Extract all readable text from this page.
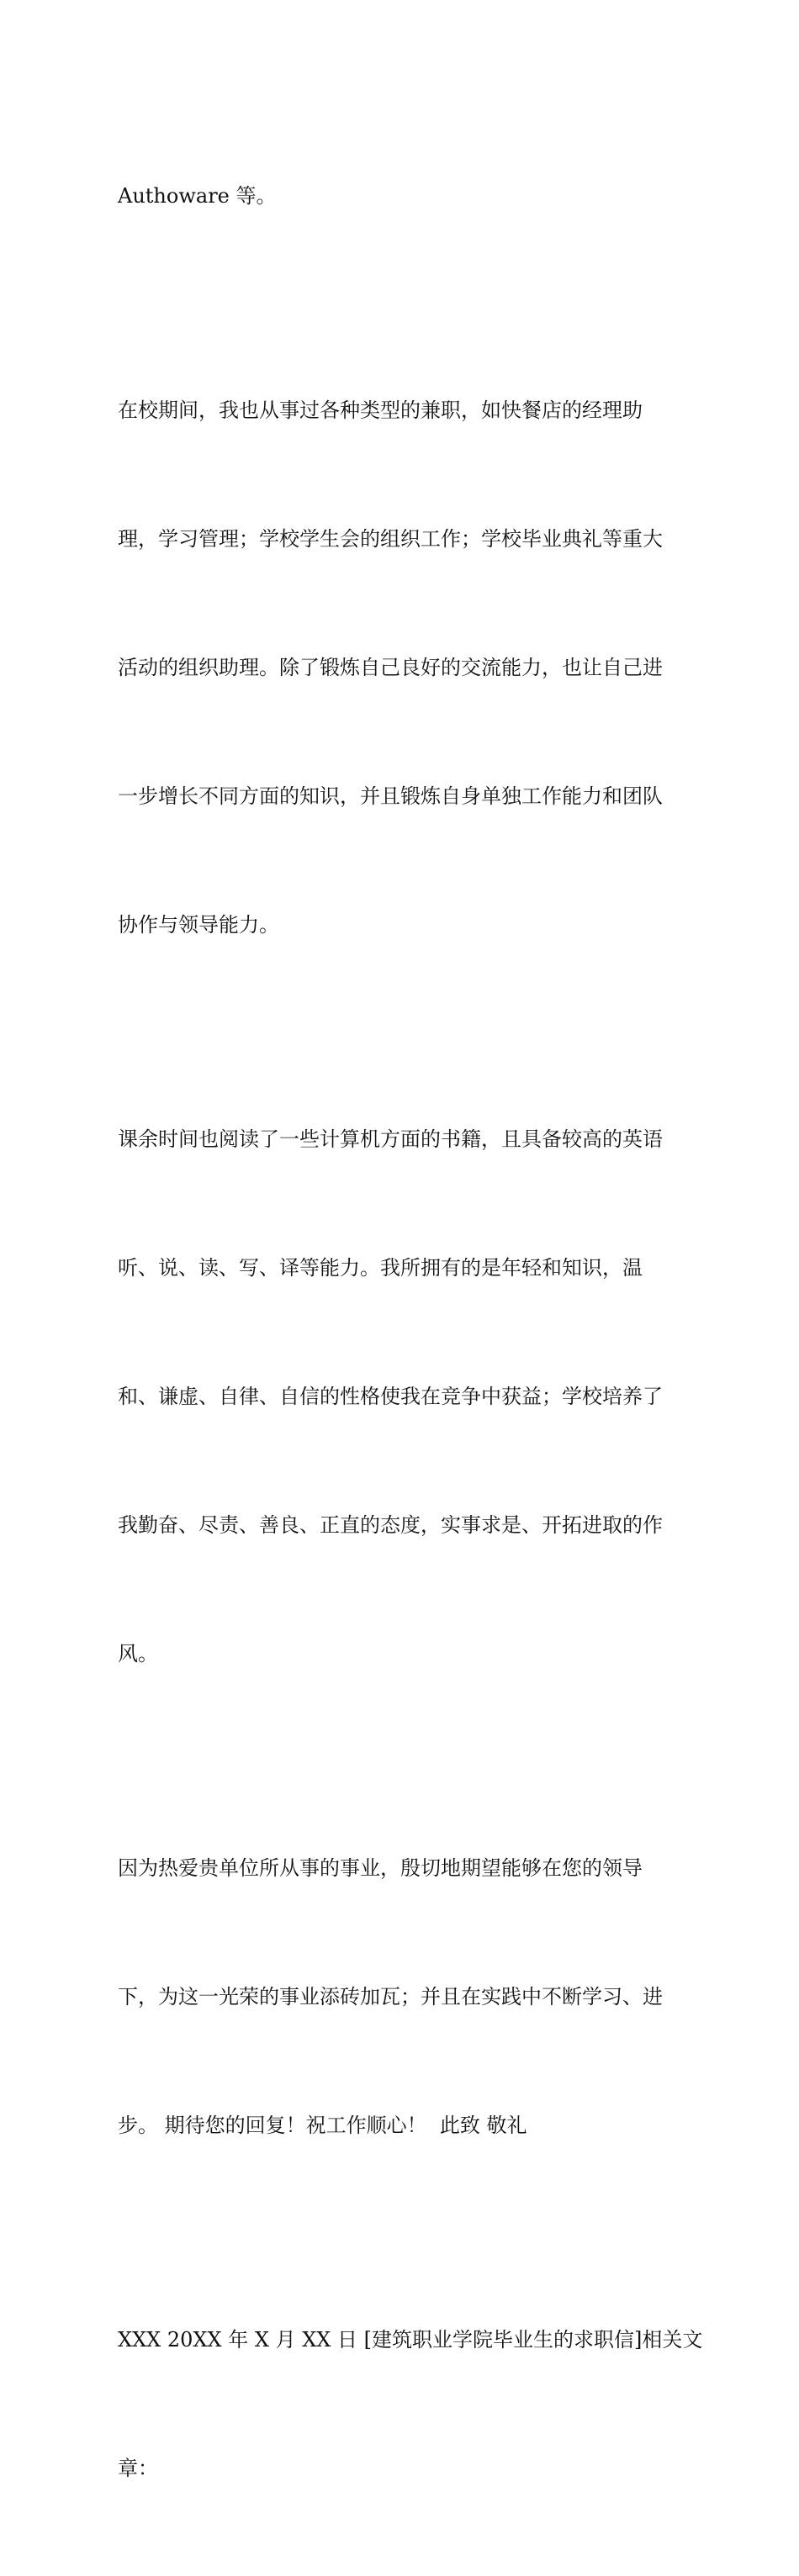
Authoware 等。

在校期间，我也从事过各种类型的兼职，如快餐店的经理助

理，学习管理；学校学生会的组织工作；学校毕业典礼等重大

活动的组织助理。除了锻炼自己良好的交流能力，也让自己进

一步增长不同方面的知识，并且锻炼自身单独工作能力和团队

协作与领导能力。

课余时间也阅读了一些计算机方面的书籍，且具备较高的英语

听、说、读、写、译等能力。我所拥有的是年轻和知识，温

和、谦虚、自律、自信的性格使我在竞争中获益；学校培养了

我勤奋、尽责、善良、正直的态度，实事求是、开拓进取的作

风。

因为热爱贵单位所从事的事业，殷切地期望能够在您的领导

下，为这一光荣的事业添砖加瓦；并且在实践中不断学习、进

步。 期待您的回复！祝工作顺心！  此致 敬礼

XXX 20XX 年 X 月 XX 日 [建筑职业学院毕业生的求职信]相关文

章：
